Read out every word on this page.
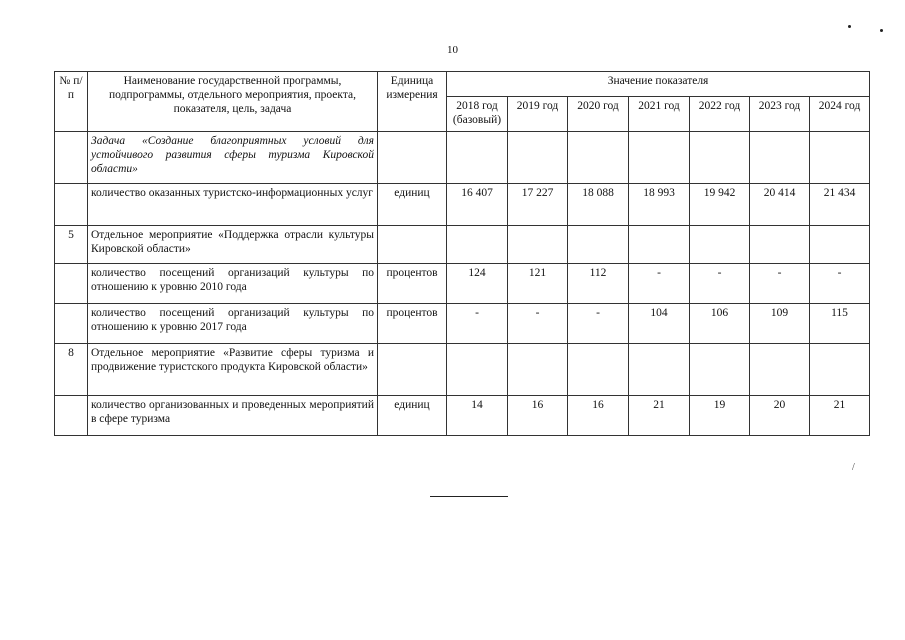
10
№ п/п	Наименование государственной программы, подпрограммы, отдельного мероприятия, проекта, показателя, цель, задача	Единица измерения	Значение показателя						
			2018 год (базовый)	2019 год	2020 год	2021 год	2022 год	2023 год	2024 год
	Задача «Создание благоприятных условий для устойчивого развития сферы туризма Кировской области»								
	количество оказанных туристско-информационных услуг	единиц	16 407	17 227	18 088	18 993	19 942	20 414	21 434
5	Отдельное мероприятие «Поддержка отрасли культуры Кировской области»								
	количество посещений организаций культуры по отношению к уровню 2010 года	процентов	124	121	112	-	-	-	-
	количество посещений организаций культуры по отношению к уровню 2017 года	процентов	-	-	-	104	106	109	115
8	Отдельное мероприятие «Развитие сферы туризма и продвижение туристского продукта Кировской области»								
	количество организованных и проведенных мероприятий в сфере туризма	единиц	14	16	16	21	19	20	21
/
